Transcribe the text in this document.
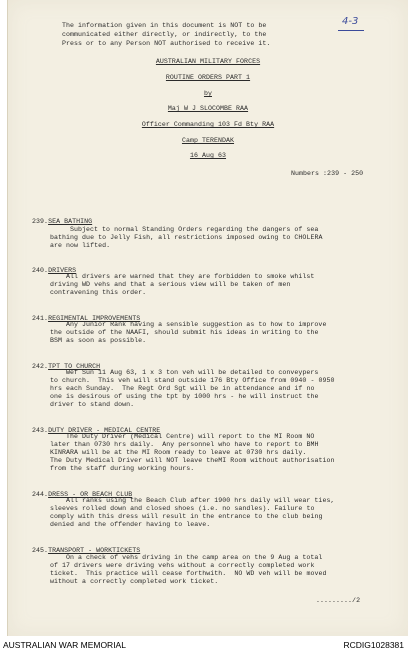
4-3
The information given in this document is NOT to be
communicated either directly, or indirectly, to the
Press or to any Person NOT authorised to receive it.
AUSTRALIAN MILITARY FORCES
ROUTINE ORDERS PART 1
by
Maj W J SLOCOMBE RAA
Officer Commanding 103 Fd Bty RAA
Camp TERENDAK
16 Aug 63
Numbers :239 - 250

239.SEA BATHING

Subject to normal Standing Orders regarding the dangers of sea
bathing due to Jelly Fish, all restrictions imposed owing to CHOLERA
are now lifted.

240.DRIVERS

All drivers are warned that they are forbidden to smoke whilst
driving WD vehs and that a serious view will be taken of men
contravening this order.

241.REGIMENTAL IMPROVEMENTS

Any Junior Rank having a sensible suggestion as to how to improve
the outside of the NAAFI, should submit his ideas in writing to the
BSM as soon as possible.

242.TPT TO CHURCH

Wef Sun 11 Aug 63, 1 x 3 ton veh will be detailed to conveypers
to church.  This veh will stand outside 176 Bty Office from 0940 - 0950
hrs each Sunday.  The Regt Ord Sgt will be in attendance and if no
one is desirous of using the tpt by 1000 hrs - he will instruct the
driver to stand down.

243.DUTY DRIVER - MEDICAL CENTRE

The Duty Driver (Medical Centre) will report to the MI Room NO
later than 0730 hrs daily.  Any personnel who have to report to BMH
KINRARA will be at the MI Room ready to leave at 0730 hrs daily.
The Duty Medical Driver will NOT leave theMI Room without authorisation
from the staff during working hours.

244.DRESS - OR BEACH CLUB

All ranks using the Beach Club after 1900 hrs daily will wear ties,
sleeves rolled down and closed shoes (i.e. no sandles). Failure to
comply with this dress will result in the entrance to the club being
denied and the offender having to leave.

245.TRANSPORT - WORKTICKETS

On a check of vehs driving in the camp area on the 9 Aug a total
of 17 drivers were driving vehs without a correctly completed work
ticket.  This practice will cease forthwith.  NO WD veh will be moved
without a correctly completed work ticket.
........./2
AUSTRALIAN WAR MEMORIAL	RCDIG1028381
